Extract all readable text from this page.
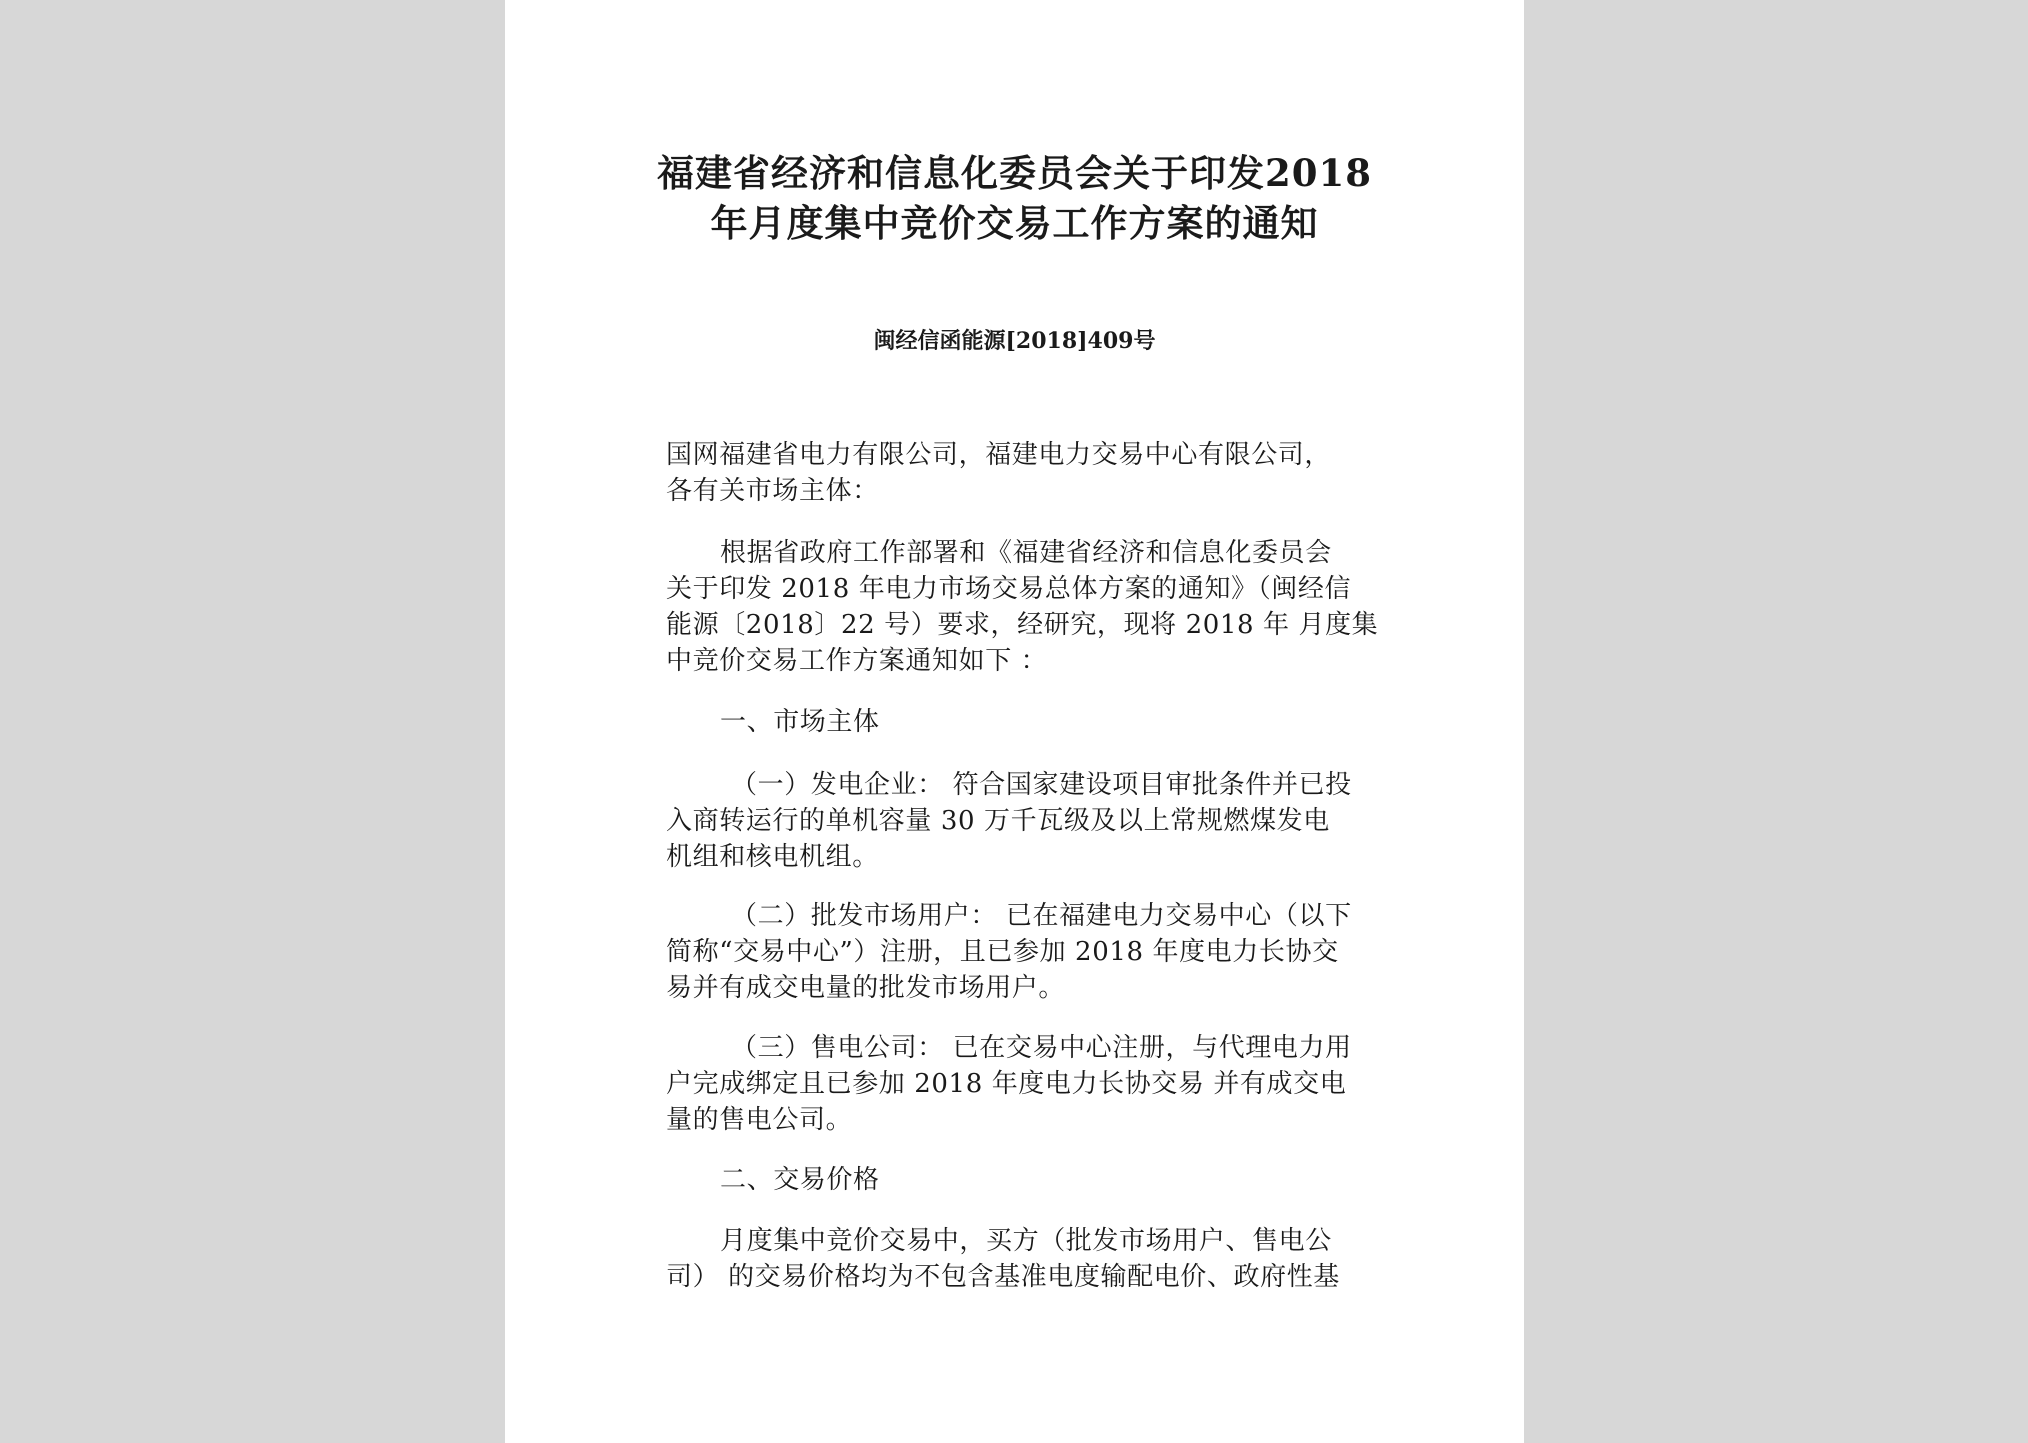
福建省经济和信息化委员会关于印发2018
年月度集中竞价交易工作方案的通知
闽经信函能源[2018]409号
国网福建省电力有限公司，福建电力交易中心有限公司，
各有关市场主体：
根据省政府工作部署和《福建省经济和信息化委员会
关于印发 2018 年电力市场交易总体方案的通知》（闽经信
能源〔2018〕22 号）要求，经研究，现将 2018 年 月度集
中竞价交易工作方案通知如下 ：
一、市场主体
（一）发电企业： 符合国家建设项目审批条件并已投
入商转运行的单机容量 30 万千瓦级及以上常规燃煤发电
机组和核电机组。
（二）批发市场用户： 已在福建电力交易中心（以下
简称“交易中心”）注册，且已参加 2018 年度电力长协交
易并有成交电量的批发市场用户。
（三）售电公司： 已在交易中心注册，与代理电力用
户完成绑定且已参加 2018 年度电力长协交易 并有成交电
量的售电公司。
二、交易价格
月度集中竞价交易中，买方（批发市场用户、售电公
司） 的交易价格均为不包含基准电度输配电价、政府性基
